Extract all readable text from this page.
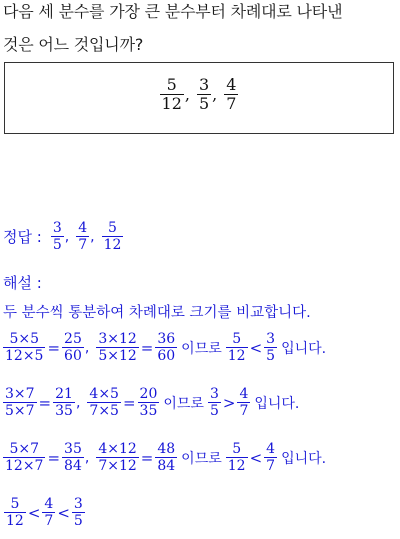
다음 세 분수를 가장 큰 분수부터 차례대로 나타낸
것은 어느 것입니까?
$\frac{5}{12}$ , $\frac{3}{5}$ , $\frac{4}{7}$
정답 : $\frac{3}{5}$ , $\frac{4}{7}$ , $\frac{5}{12}$
해설 :
두 분수씩 통분하여 차례대로 크기를 비교합니다.
$\frac{5\times 5}{12\times 5} = \frac{25}{60}$ , $\frac{3\times 12}{5\times 12} = \frac{36}{60}$ 이므로 $\frac{5}{12} < \frac{3}{5}$ 입니다.
$\frac{3\times 7}{5\times 7} = \frac{21}{35}$ , $\frac{4\times 5}{7\times 5} = \frac{20}{35}$ 이므로 $\frac{3}{5} > \frac{4}{7}$ 입니다.
$\frac{5\times 7}{12\times 7} = \frac{35}{84}$ , $\frac{4\times 12}{7\times 12} = \frac{48}{84}$ 이므로 $\frac{5}{12} < \frac{4}{7}$ 입니다.
$\frac{5}{12} < \frac{4}{7} < \frac{3}{5}$
